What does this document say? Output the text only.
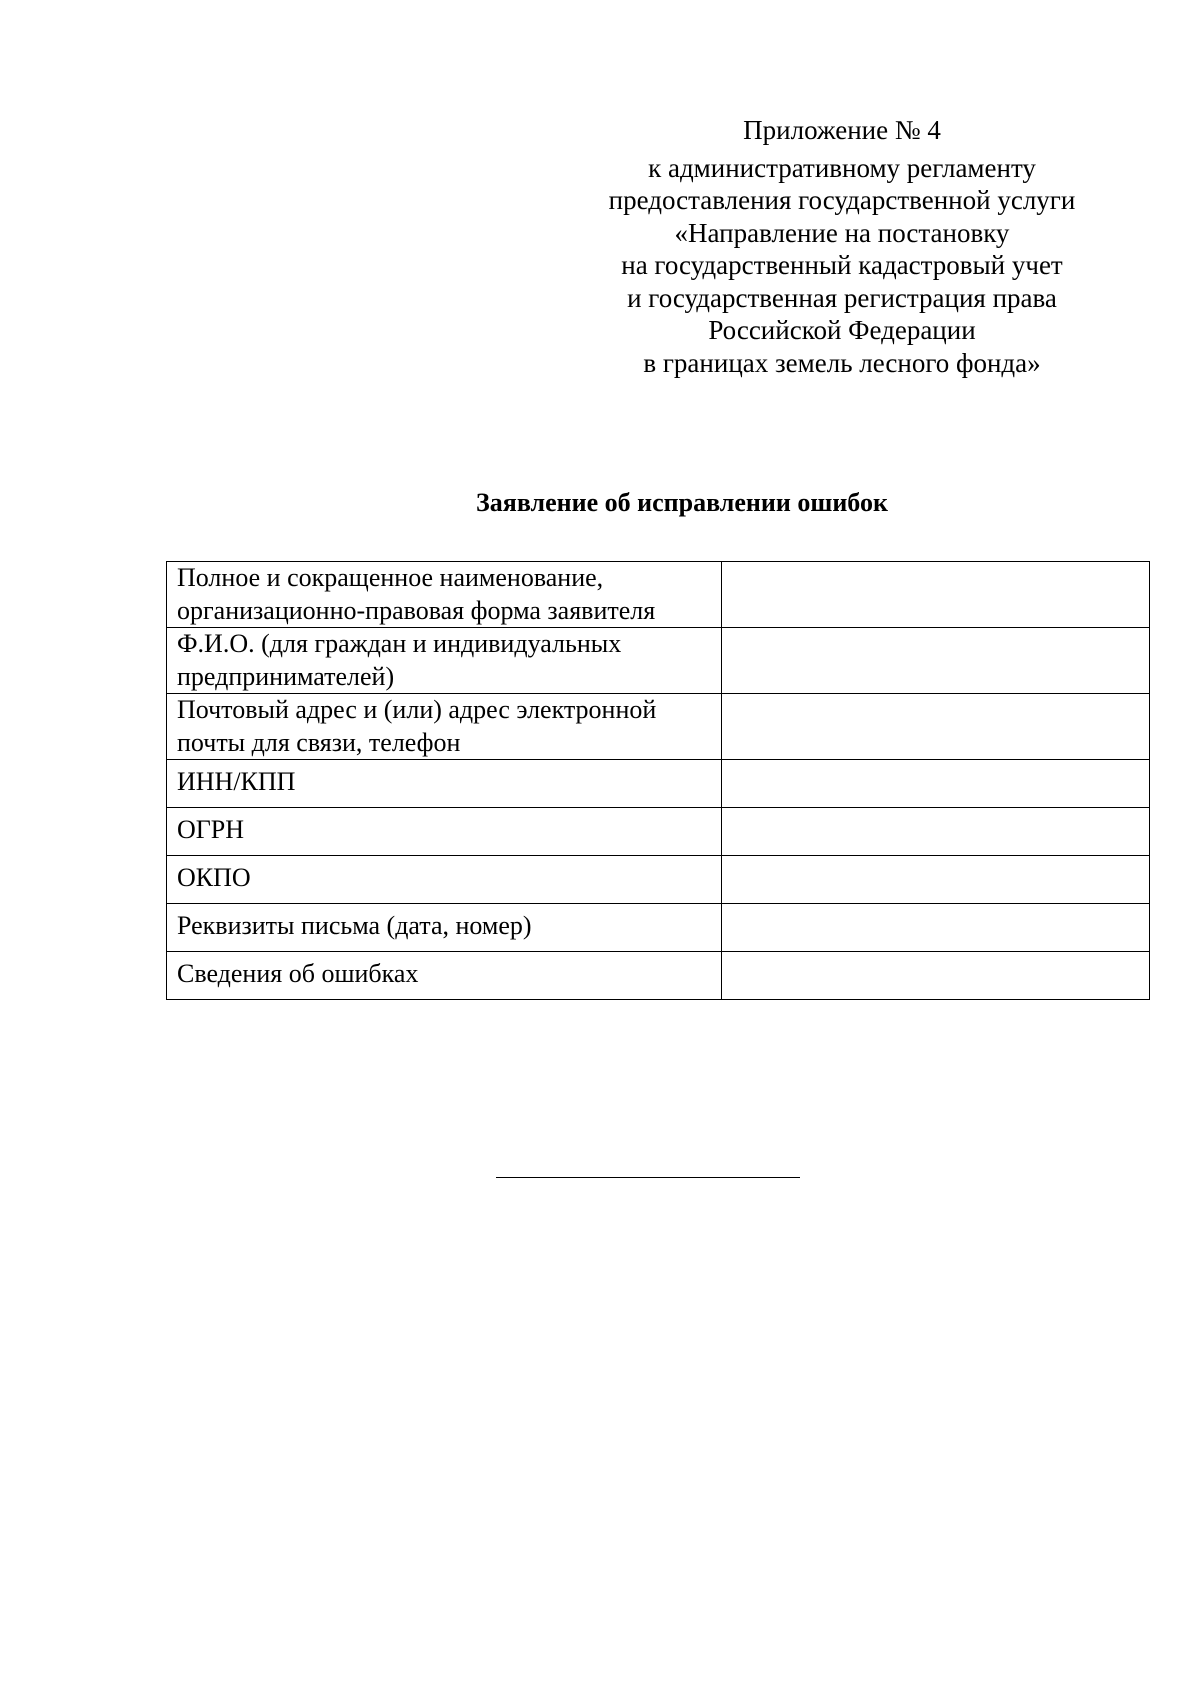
Приложение № 4
к административному регламенту
предоставления государственной услуги
«Направление на постановку
на государственный кадастровый учет
и государственная регистрация права
Российской Федерации
в границах земель лесного фонда»
Заявление об исправлении ошибок
Полное и сокращенное наименование,
организационно-правовая форма заявителя	

Ф.И.О. (для граждан и индивидуальных
предпринимателей)	

Почтовый адрес и (или) адрес электронной
почты для связи, телефон	

ИНН/КПП	

ОГРН	

ОКПО	

Реквизиты письма (дата, номер)	

Сведения об ошибках	
